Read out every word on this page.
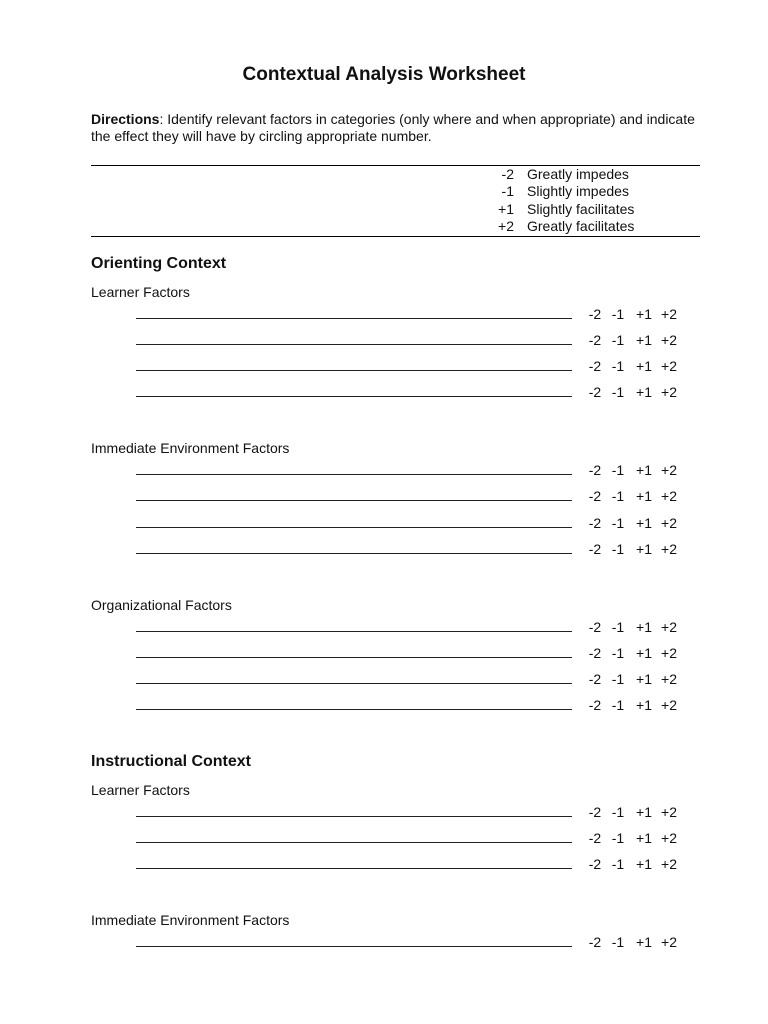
Contextual Analysis Worksheet
Directions: Identify relevant factors in categories (only where and when appropriate) and indicate the effect they will have by circling appropriate number.
-2 Greatly impedes
-1 Slightly impedes
+1 Slightly facilitates
+2 Greatly facilitates
Orienting Context
Learner Factors
-2 -1 +1 +2
-2 -1 +1 +2
-2 -1 +1 +2
-2 -1 +1 +2
Immediate Environment Factors
-2 -1 +1 +2
-2 -1 +1 +2
-2 -1 +1 +2
-2 -1 +1 +2
Organizational Factors
-2 -1 +1 +2
-2 -1 +1 +2
-2 -1 +1 +2
-2 -1 +1 +2
Instructional Context
Learner Factors
-2 -1 +1 +2
-2 -1 +1 +2
-2 -1 +1 +2
Immediate Environment Factors
-2 -1 +1 +2
